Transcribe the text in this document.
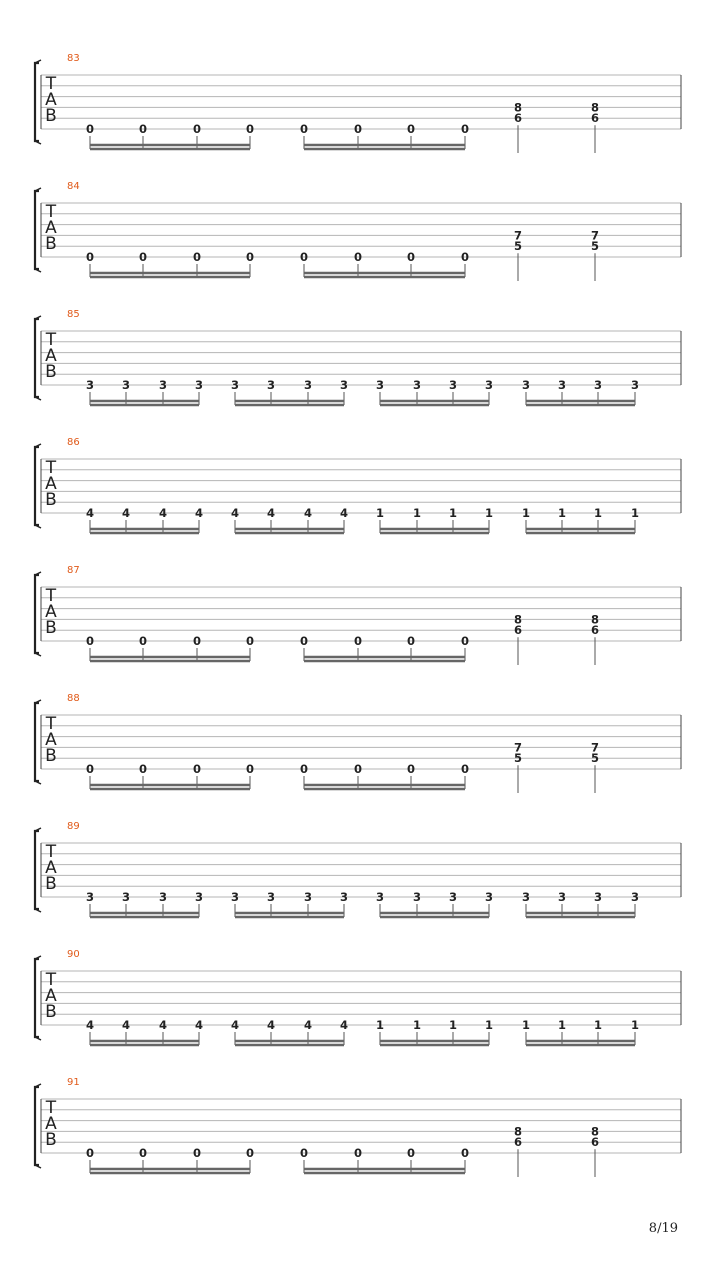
83
T
A
B
0	0	0	0	0	0	0	0
8
6
8
6
84
T
A
B
0	0	0	0	0	0	0	0
7
5
7
5
85
T
A
B
3 3	3 3 3 3	3 3 3	3 3 3	3 3 3	3
86
T
A
B
4 4	4 4 4 4	4 4 1	1 1 1	1 1 1	1
87
T
A
B
0	0	0	0	0	0	0	0
8
6
8
6
88
T
A
B
0	0	0	0	0	0	0	0
7
5
7
5
89
T
A
B
3 3	3 3 3 3	3 3 3	3 3 3	3 3 3	3
90
T
A
B
4 4	4 4 4 4	4 4 1	1 1 1	1 1 1	1
91
T
A
B
0	0	0	0	0	0	0	0
8
6
8
6
8/19
